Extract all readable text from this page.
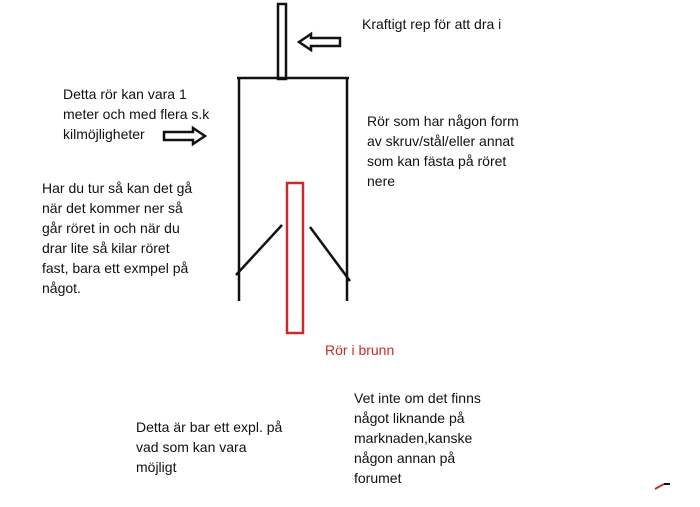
Kraftigt rep för att dra i

Detta rör kan vara 1
meter och med flera s.k
kilmöjligheter

Rör som har någon form
av skruv/stål/eller annat
som kan fästa på röret
nere

Har du tur så kan det gå
när det kommer ner så
går röret in och när du
drar lite så kilar röret
fast, bara ett exmpel på
något.

Rör i brunn

Vet inte om det finns
något liknande på
marknaden,kanske
någon annan på
forumet

Detta är bar ett expl. på
vad som kan vara
möjligt
